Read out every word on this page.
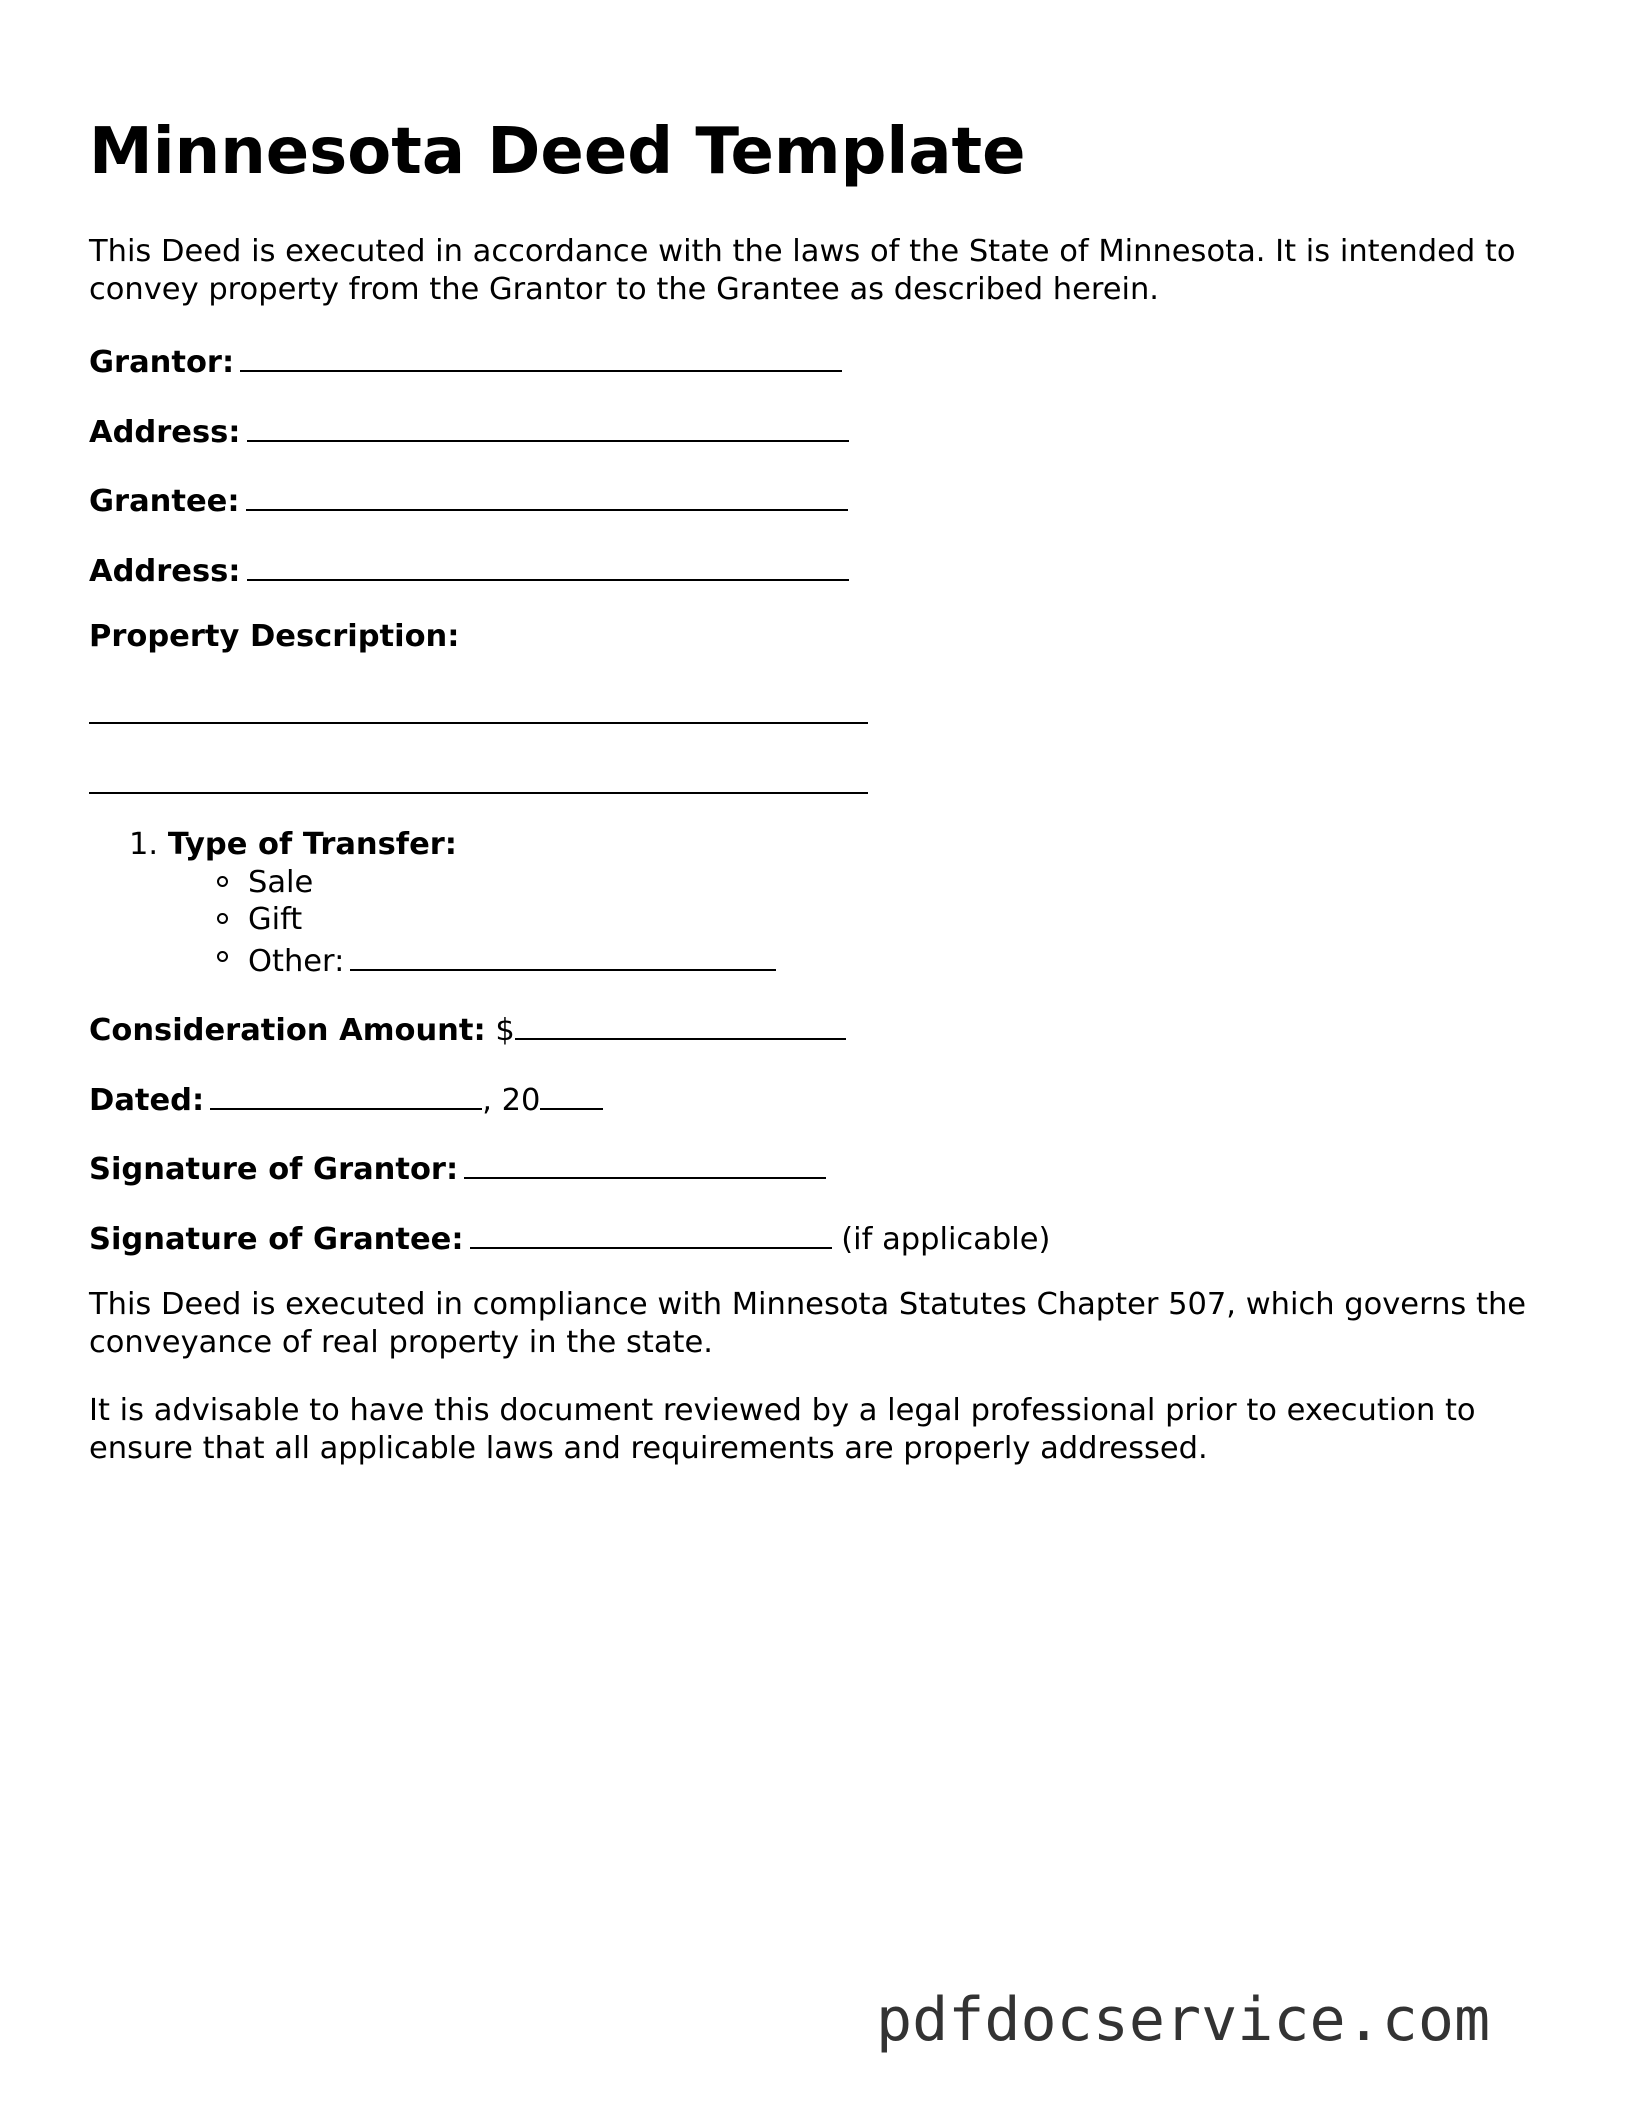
Minnesota Deed Template

This Deed is executed in accordance with the laws of the State of Minnesota. It is intended to convey property from the Grantor to the Grantee as described herein.

Grantor:
Address:
Grantee:
Address:
Property Description:
1. Type of Transfer:
Sale
Gift
Other:
Consideration Amount: $
Dated:	, 20
Signature of Grantor:
Signature of Grantee:	(if applicable)

This Deed is executed in compliance with Minnesota Statutes Chapter 507, which governs the conveyance of real property in the state.

It is advisable to have this document reviewed by a legal professional prior to execution to ensure that all applicable laws and requirements are properly addressed.

pdfdocservice.com
